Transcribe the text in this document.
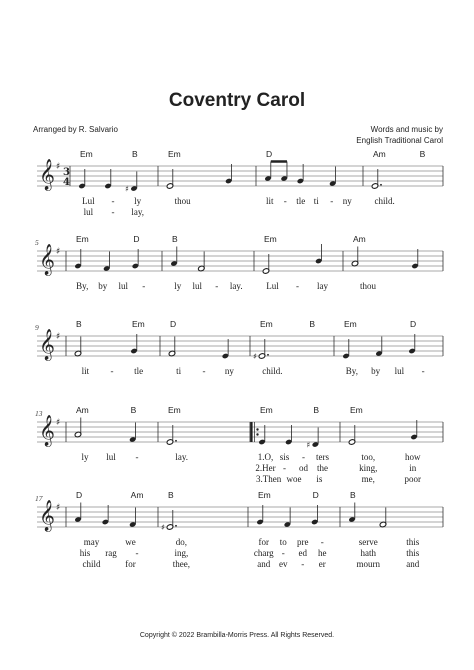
Coventry Carol
Arranged by R. Salvario	Words and music by
English Traditional Carol
𝄞 ♯ 3
4
♯
Em	B
Lul - ly
lul - lay,
Em
thou
D
lit - tle ti - ny
Am	B
child.
𝄞 ♯
5	Em	D
By, by lul -
B
ly lul - lay.
Em
Lul - lay
Am
thou
𝄞 ♯
9	B	Em
lit - tle
D
ti - ny
♯
Em	B
child.
Em	D
By, by lul -
𝄞 ♯
13	Am	B
ly lul -
Em
lay.
♯
Em	B
1.O, sis - ters
2.Her - od the
3.Then woe is
Em
too,	how
king,	in
me,	poor
𝄞 ♯
17	D	Am
may	we
his rag -
child	for
♯
B
do,
ing,
thee,
Em	D
for to pre -
charg - ed he
and ev - er
B
serve	this
hath	this
mourn	and
Copyright © 2022 Brambilla-Morris Press. All Rights Reserved.
